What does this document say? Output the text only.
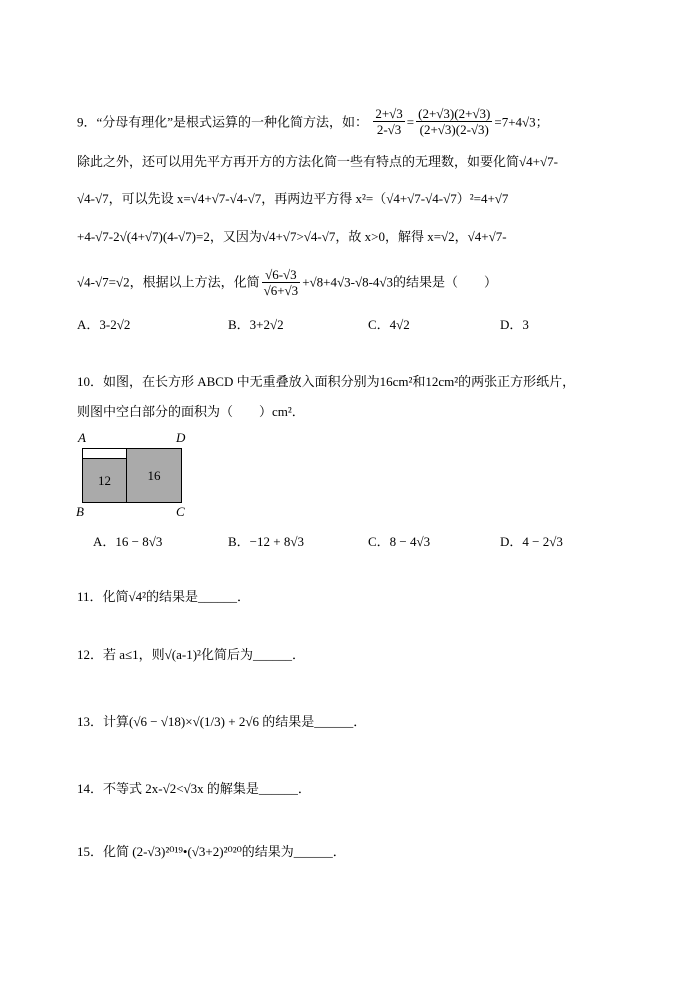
9．“分母有理化”是根式运算的一种化简方法，如： $\frac{2+√3}{2-√3} = \frac{(2+√3)(2+√3)}{(2+√3)(2-√3)} =7+4√3$；
除此之外，还可以用先平方再开方的方法化简一些有特点的无理数，如要化简√4+√7-
√4-√7，可以先设 x=√4+√7-√4-√7，再两边平方得 x²=（√4+√7-√4-√7）²=4+√7
+4-√7-2√(4+√7)(4-√7)=2，又因为√4+√7>√4-√7，故 x>0，解得 x=√2，√4+√7-
√4-√7=√2，根据以上方法，化简 $\frac{√6-√3}{√6+√3} +√8+4√3-√8-4√3$的结果是（　　）
A．3-2√2	B．3+2√2	C．4√2	D．3
10．如图，在长方形 ABCD 中无重叠放入面积分别为16cm²和12cm²的两张正方形纸片，
则图中空白部分的面积为（　　）cm²．
A	D
B	C
12	16
A．16 − 8√3	B．−12 + 8√3	C．8 − 4√3	D．4 − 2√3
11．化简√4²的结果是______．
12．若 a≤1，则√(a-1)²化简后为______．
13．计算(√6 − √18)×√(1/3) + 2√6 的结果是______．
14．不等式 2x-√2<√3x 的解集是______．
15．化简 (2-√3)²⁰¹⁹•(√3+2)²⁰²⁰的结果为______．
